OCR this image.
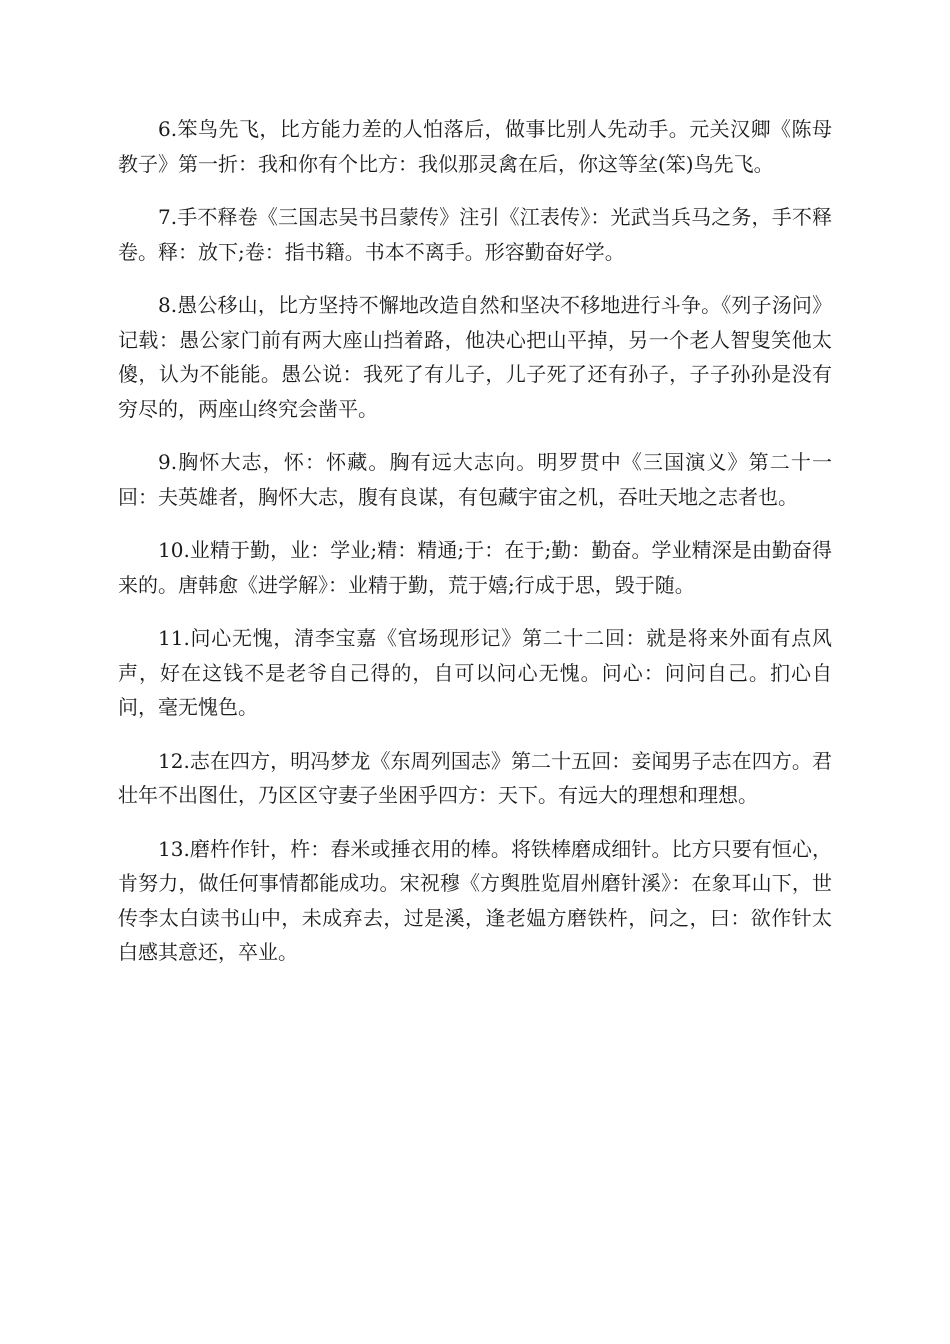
6.笨鸟先飞，比方能力差的人怕落后，做事比别人先动手。元关汉卿《陈母教子》第一折：我和你有个比方：我似那灵禽在后，你这等坌(笨)鸟先飞。

7.手不释卷《三国志吴书吕蒙传》注引《江表传》：光武当兵马之务，手不释卷。释：放下;卷：指书籍。书本不离手。形容勤奋好学。

8.愚公移山，比方坚持不懈地改造自然和坚决不移地进行斗争。《列子汤问》记载：愚公家门前有两大座山挡着路，他决心把山平掉，另一个老人智叟笑他太傻，认为不能能。愚公说：我死了有儿子，儿子死了还有孙子，子子孙孙是没有穷尽的，两座山终究会凿平。

9.胸怀大志，怀：怀藏。胸有远大志向。明罗贯中《三国演义》第二十一回：夫英雄者，胸怀大志，腹有良谋，有包藏宇宙之机，吞吐天地之志者也。

10.业精于勤，业：学业;精：精通;于：在于;勤：勤奋。学业精深是由勤奋得来的。唐韩愈《进学解》：业精于勤，荒于嬉;行成于思，毁于随。

11.问心无愧，清李宝嘉《官场现形记》第二十二回：就是将来外面有点风声，好在这钱不是老爷自己得的，自可以问心无愧。问心：问问自己。扪心自问，毫无愧色。

12.志在四方，明冯梦龙《东周列国志》第二十五回：妾闻男子志在四方。君壮年不出图仕，乃区区守妻子坐困乎四方：天下。有远大的理想和理想。

13.磨杵作针，杵：舂米或捶衣用的棒。将铁棒磨成细针。比方只要有恒心，肯努力，做任何事情都能成功。宋祝穆《方舆胜览眉州磨针溪》：在象耳山下，世传李太白读书山中，未成弃去，过是溪，逢老媪方磨铁杵，问之，曰：欲作针太白感其意还，卒业。
